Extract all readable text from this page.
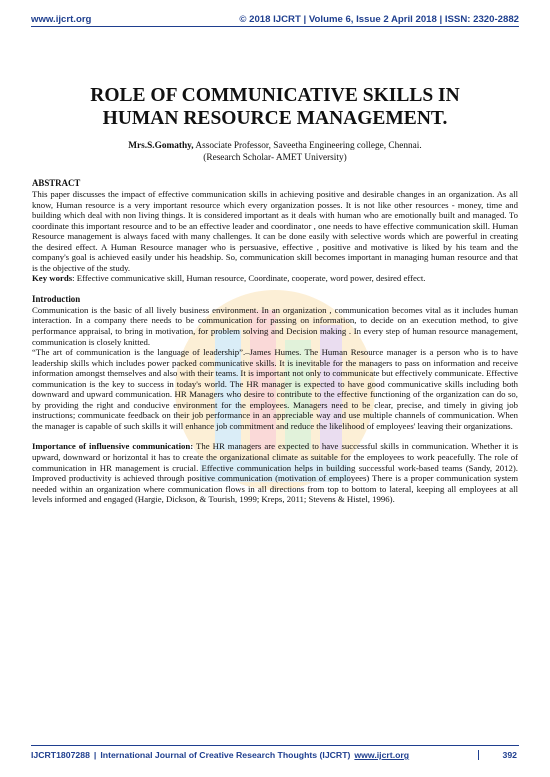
www.ijcrt.org	© 2018 IJCRT | Volume 6, Issue 2 April 2018 | ISSN: 2320-2882
ROLE OF COMMUNICATIVE SKILLS IN
HUMAN RESOURCE MANAGEMENT.
Mrs.S.Gomathy, Associate Professor, Saveetha Engineering college, Chennai.
(Research Scholar- AMET University)
ABSTRACT

This paper discusses the impact of effective communication skills in achieving positive and desirable changes in an organization. As all know, Human resource is a very important resource which every organization posses. It is not like other resources - money, time and building which deal with non living things. It is considered important as it deals with human who are emotionally built and managed. To coordinate this important resource and to be an effective leader and coordinator , one needs to have effective communication skill. Human Resource management is always faced with many challenges. It can be done easily with selective words which are powerful in creating the desired effect. A Human Resource manager who is persuasive, effective , positive and motivative is liked by his team and the company's goal is achieved easily under his headship. So, communication skill becomes important in managing human resource and that is the objective of the study.

Key words: Effective communicative skill, Human resource, Coordinate, cooperate, word power, desired effect.

Introduction

Communication is the basic of all lively business environment. In an organization , communication becomes vital as it includes human interaction. In a company there needs to be communication for passing on information, to decide on an execution method, to give performance appraisal, to bring in motivation, for problem solving and Decision making . In every step of human resource management, communication is closely knitted.

“The art of communication is the language of leadership”.–James Humes. The Human Resource manager is a person who is to have leadership skills which includes power packed communicative skills. It is inevitable for the managers to pass on information and receive information amongst themselves and also with their teams. It is important not only to communicate but effectively communicate. Effective communication is the key to success in today's world. The HR manager is expected to have good communicative skills including both downward and upward communication. HR Managers who desire to contribute to the effective functioning of the organization can do so, by providing the right and conducive environment for the employees. Managers need to be clear, precise, and timely in giving job instructions; communicate feedback on their job performance in an appreciable way and use multiple channels of communication. When the manager is capable of such skills it will enhance job commitment and reduce the likelihood of employees' leaving their organizations.

Importance of influensive communication: The HR managers are expected to have successful skills in communication. Whether it is upward, downward or horizontal it has to create the organizational climate as suitable for the employees to work peacefully. The role of communication in HR management is crucial. Effective communication helps in building successful work-based teams (Sandy, 2012). Improved productivity is achieved through positive communication (motivation of employees) There is a proper communication system needed within an organization where communication flows in all directions from top to bottom to lateral, keeping all employees at all levels informed and engaged (Hargie, Dickson, & Tourish, 1999; Kreps, 2011; Stevens & Histel, 1996).

IJCRT1807288 | International Journal of Creative Research Thoughts (IJCRT) www.ijcrt.org	392
